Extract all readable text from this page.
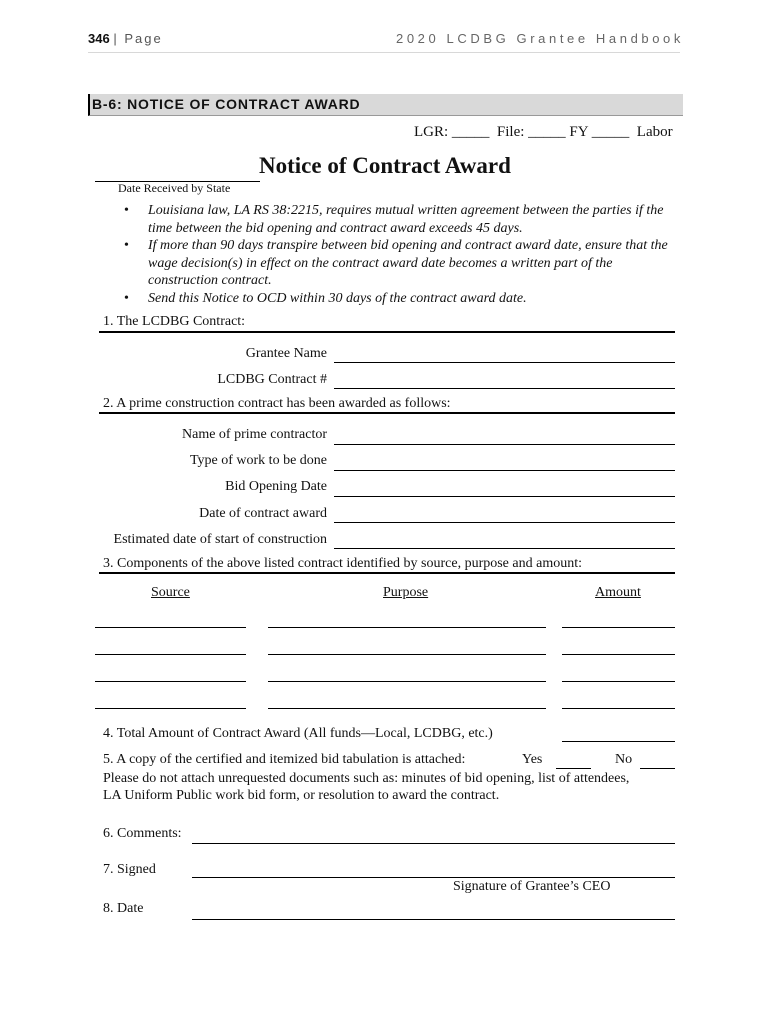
346 | Page	2020 LCDBG Grantee Handbook
B-6: NOTICE OF CONTRACT AWARD
LGR: _____  File: _____ FY _____  Labor
Notice of Contract Award
Date Received by State
• Louisiana law, LA RS 38:2215, requires mutual written agreement between the parties if the time between the bid opening and contract award exceeds 45 days.
• If more than 90 days transpire between bid opening and contract award date, ensure that the wage decision(s) in effect on the contract award date becomes a written part of the construction contract.
• Send this Notice to OCD within 30 days of the contract award date.
1. The LCDBG Contract:
Grantee Name
LCDBG Contract #
2. A prime construction contract has been awarded as follows:
Name of prime contractor
Type of work to be done
Bid Opening Date
Date of contract award
Estimated date of start of construction
3. Components of the above listed contract identified by source, purpose and amount:
Source	Purpose	Amount
4. Total Amount of Contract Award (All funds—Local, LCDBG, etc.)
5. A copy of the certified and itemized bid tabulation is attached:	Yes	No
Please do not attach unrequested documents such as: minutes of bid opening, list of attendees,
LA Uniform Public work bid form, or resolution to award the contract.
6. Comments:
7. Signed
Signature of Grantee’s CEO
8. Date
